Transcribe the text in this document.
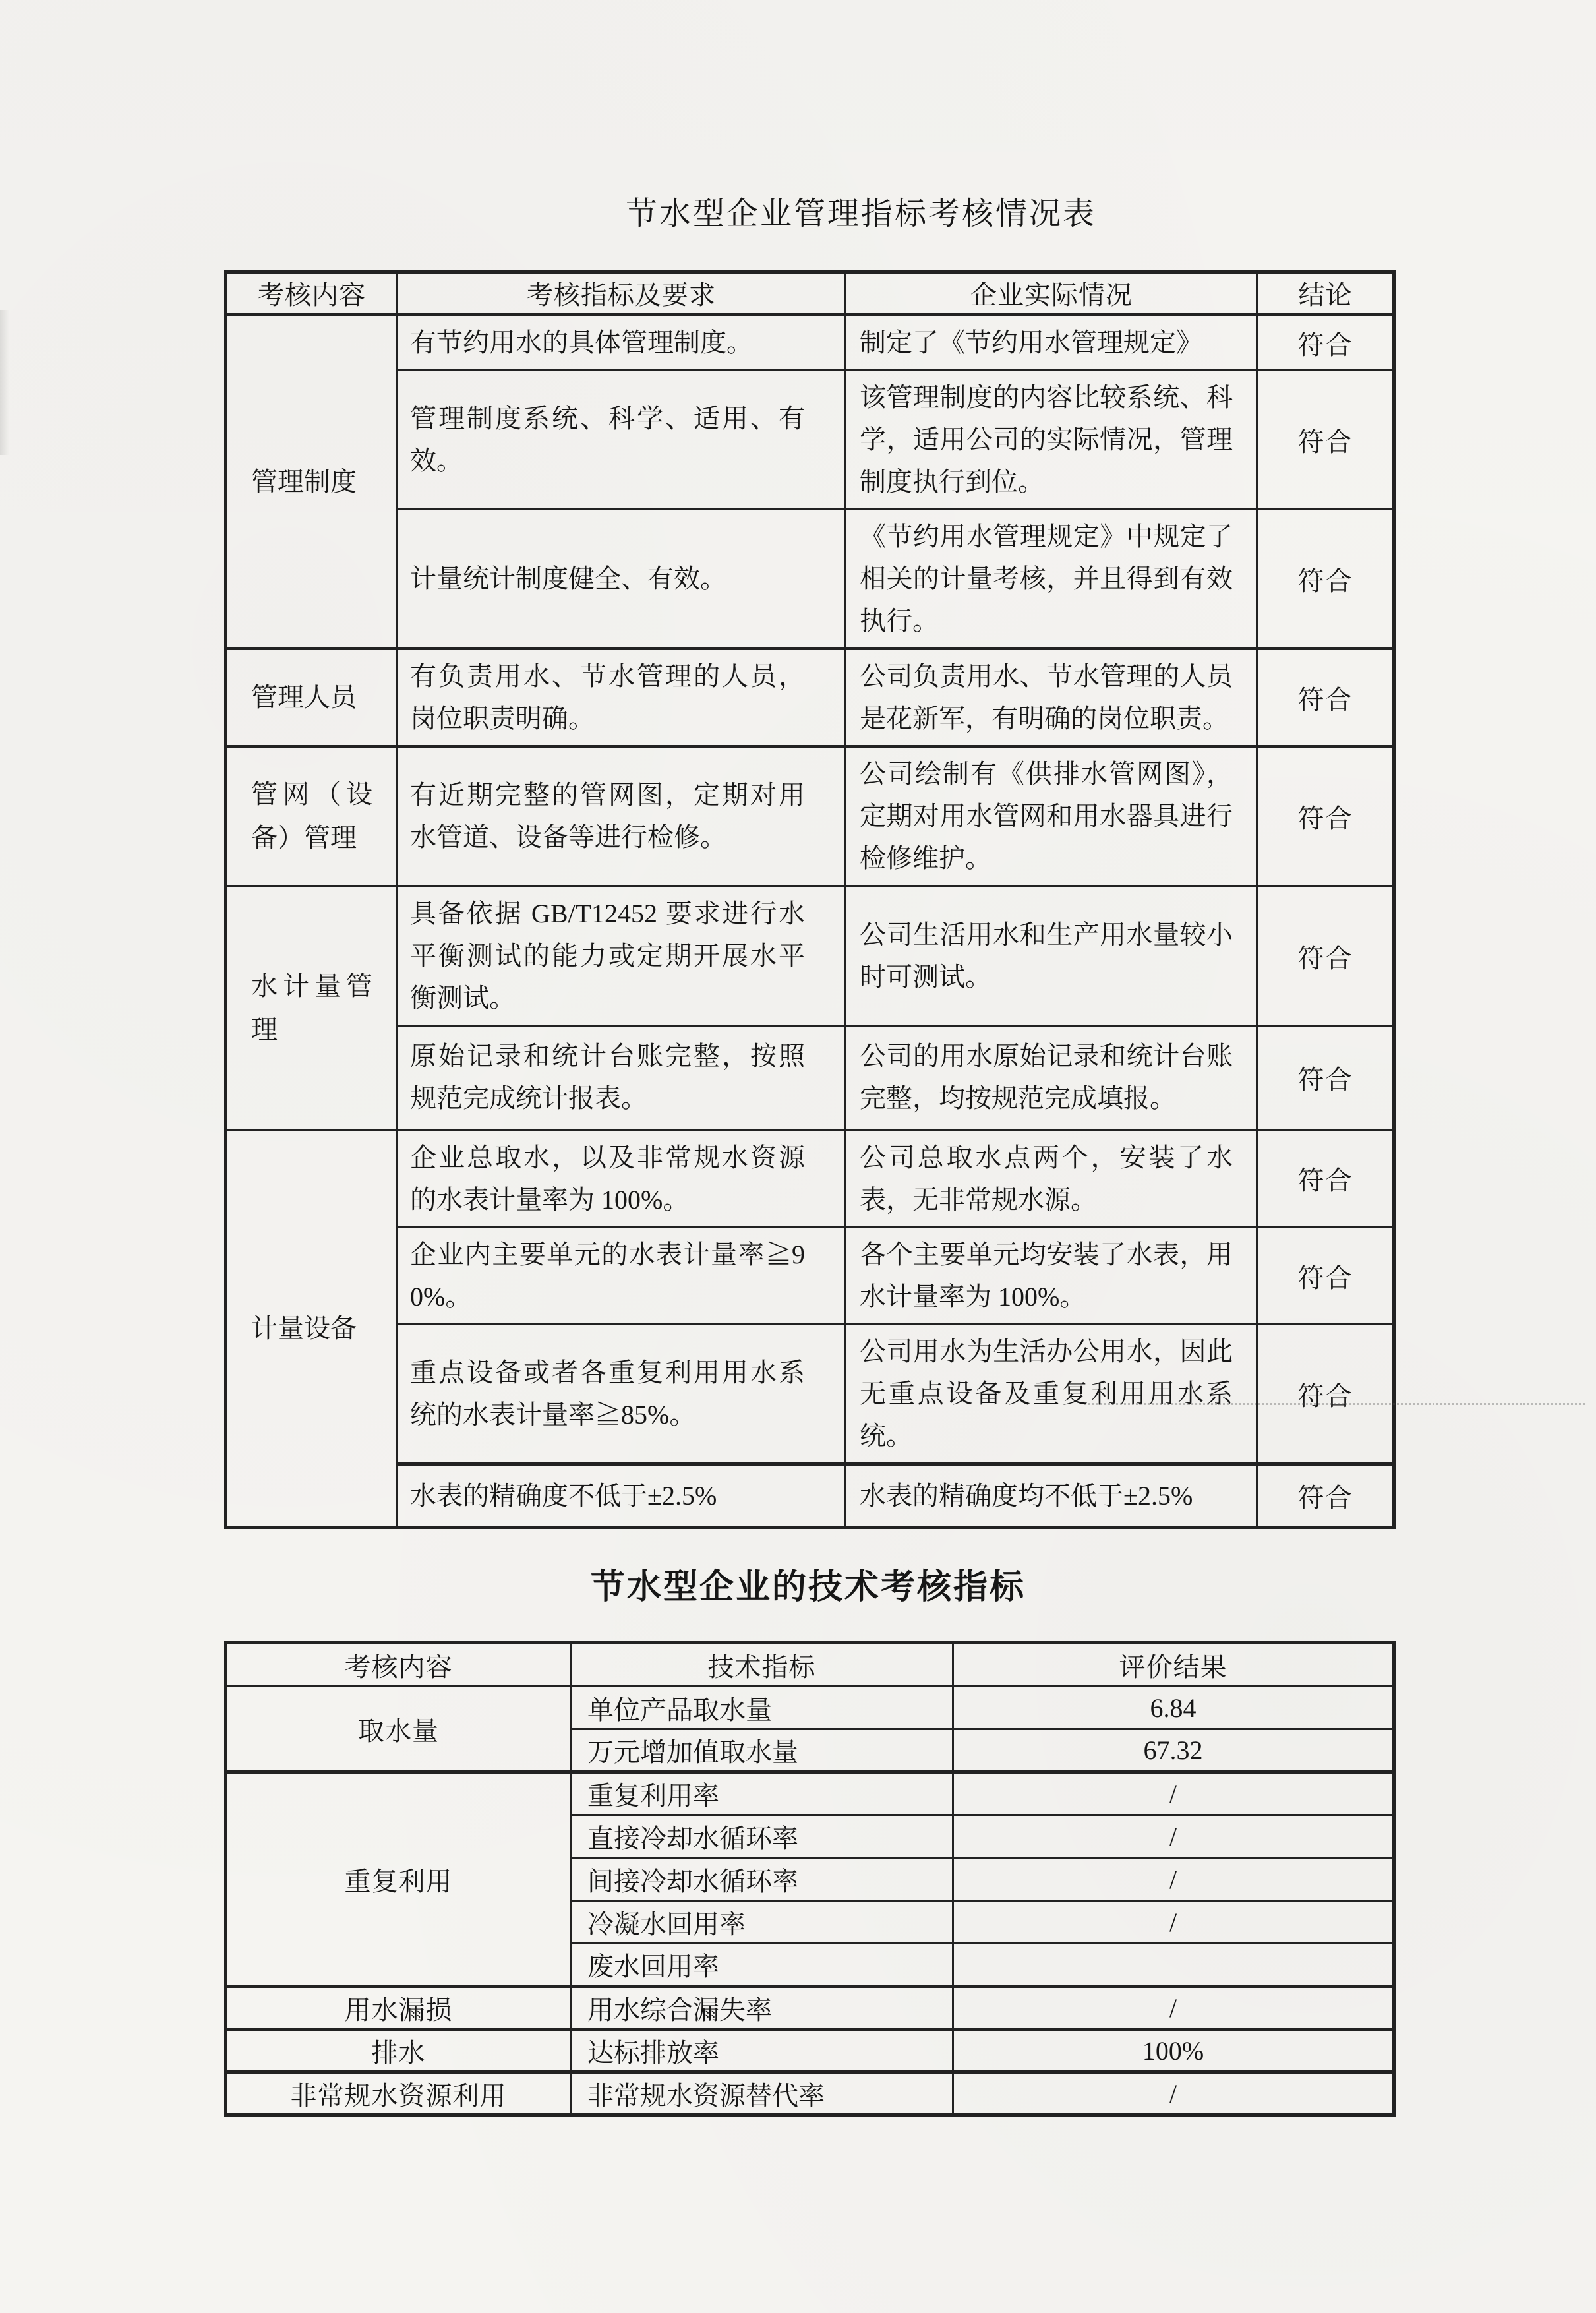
节水型企业管理指标考核情况表
考核内容	考核指标及要求	企业实际情况	结论
管理制度	有节约用水的具体管理制度。	制定了《节约用水管理规定》	符合
	管理制度系统、科学、适用、有效。	该管理制度的内容比较系统、科学，适用公司的实际情况，管理制度执行到位。	符合
	计量统计制度健全、有效。	《节约用水管理规定》中规定了相关的计量考核，并且得到有效执行。	符合
管理人员	有负责用水、节水管理的人员，岗位职责明确。	公司负责用水、节水管理的人员是花新军，有明确的岗位职责。	符合
管网（设备）管理	有近期完整的管网图，定期对用水管道、设备等进行检修。	公司绘制有《供排水管网图》，定期对用水管网和用水器具进行检修维护。	符合
水计量管理	具备依据 GB/T12452 要求进行水平衡测试的能力或定期开展水平衡测试。	公司生活用水和生产用水量较小时可测试。	符合
	原始记录和统计台账完整，按照规范完成统计报表。	公司的用水原始记录和统计台账完整，均按规范完成填报。	符合
计量设备	企业总取水，以及非常规水资源的水表计量率为 100%。	公司总取水点两个，安装了水表，无非常规水源。	符合
	企业内主要单元的水表计量率≧90%。	各个主要单元均安装了水表，用水计量率为 100%。	符合
	重点设备或者各重复利用用水系统的水表计量率≧85%。	公司用水为生活办公用水，因此无重点设备及重复利用用水系统。	符合
	水表的精确度不低于±2.5%	水表的精确度均不低于±2.5%	符合
节水型企业的技术考核指标
考核内容	技术指标	评价结果
取水量	单位产品取水量	6.84
	万元增加值取水量	67.32
重复利用	重复利用率	/
	直接冷却水循环率	/
	间接冷却水循环率	/
	冷凝水回用率	/
	废水回用率	
用水漏损	用水综合漏失率	/
排水	达标排放率	100%
非常规水资源利用	非常规水资源替代率	/
